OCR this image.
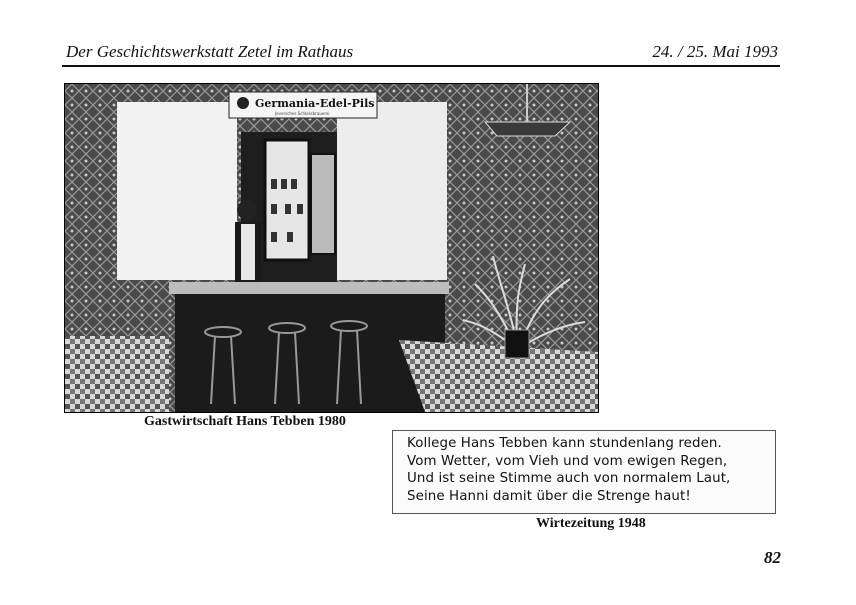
Der Geschichtswerkstatt Zetel im Rathaus	24. / 25. Mai 1993
Germania-Edel-Pils
Jeversches Schlossbrauerei
Gastwirtschaft Hans Tebben 1980
Kollege Hans Tebben kann stundenlang reden.
Vom Wetter, vom Vieh und vom ewigen Regen,
Und ist seine Stimme auch von normalem Laut,
Seine Hanni damit über die Strenge haut!
Wirtezeitung 1948
82
